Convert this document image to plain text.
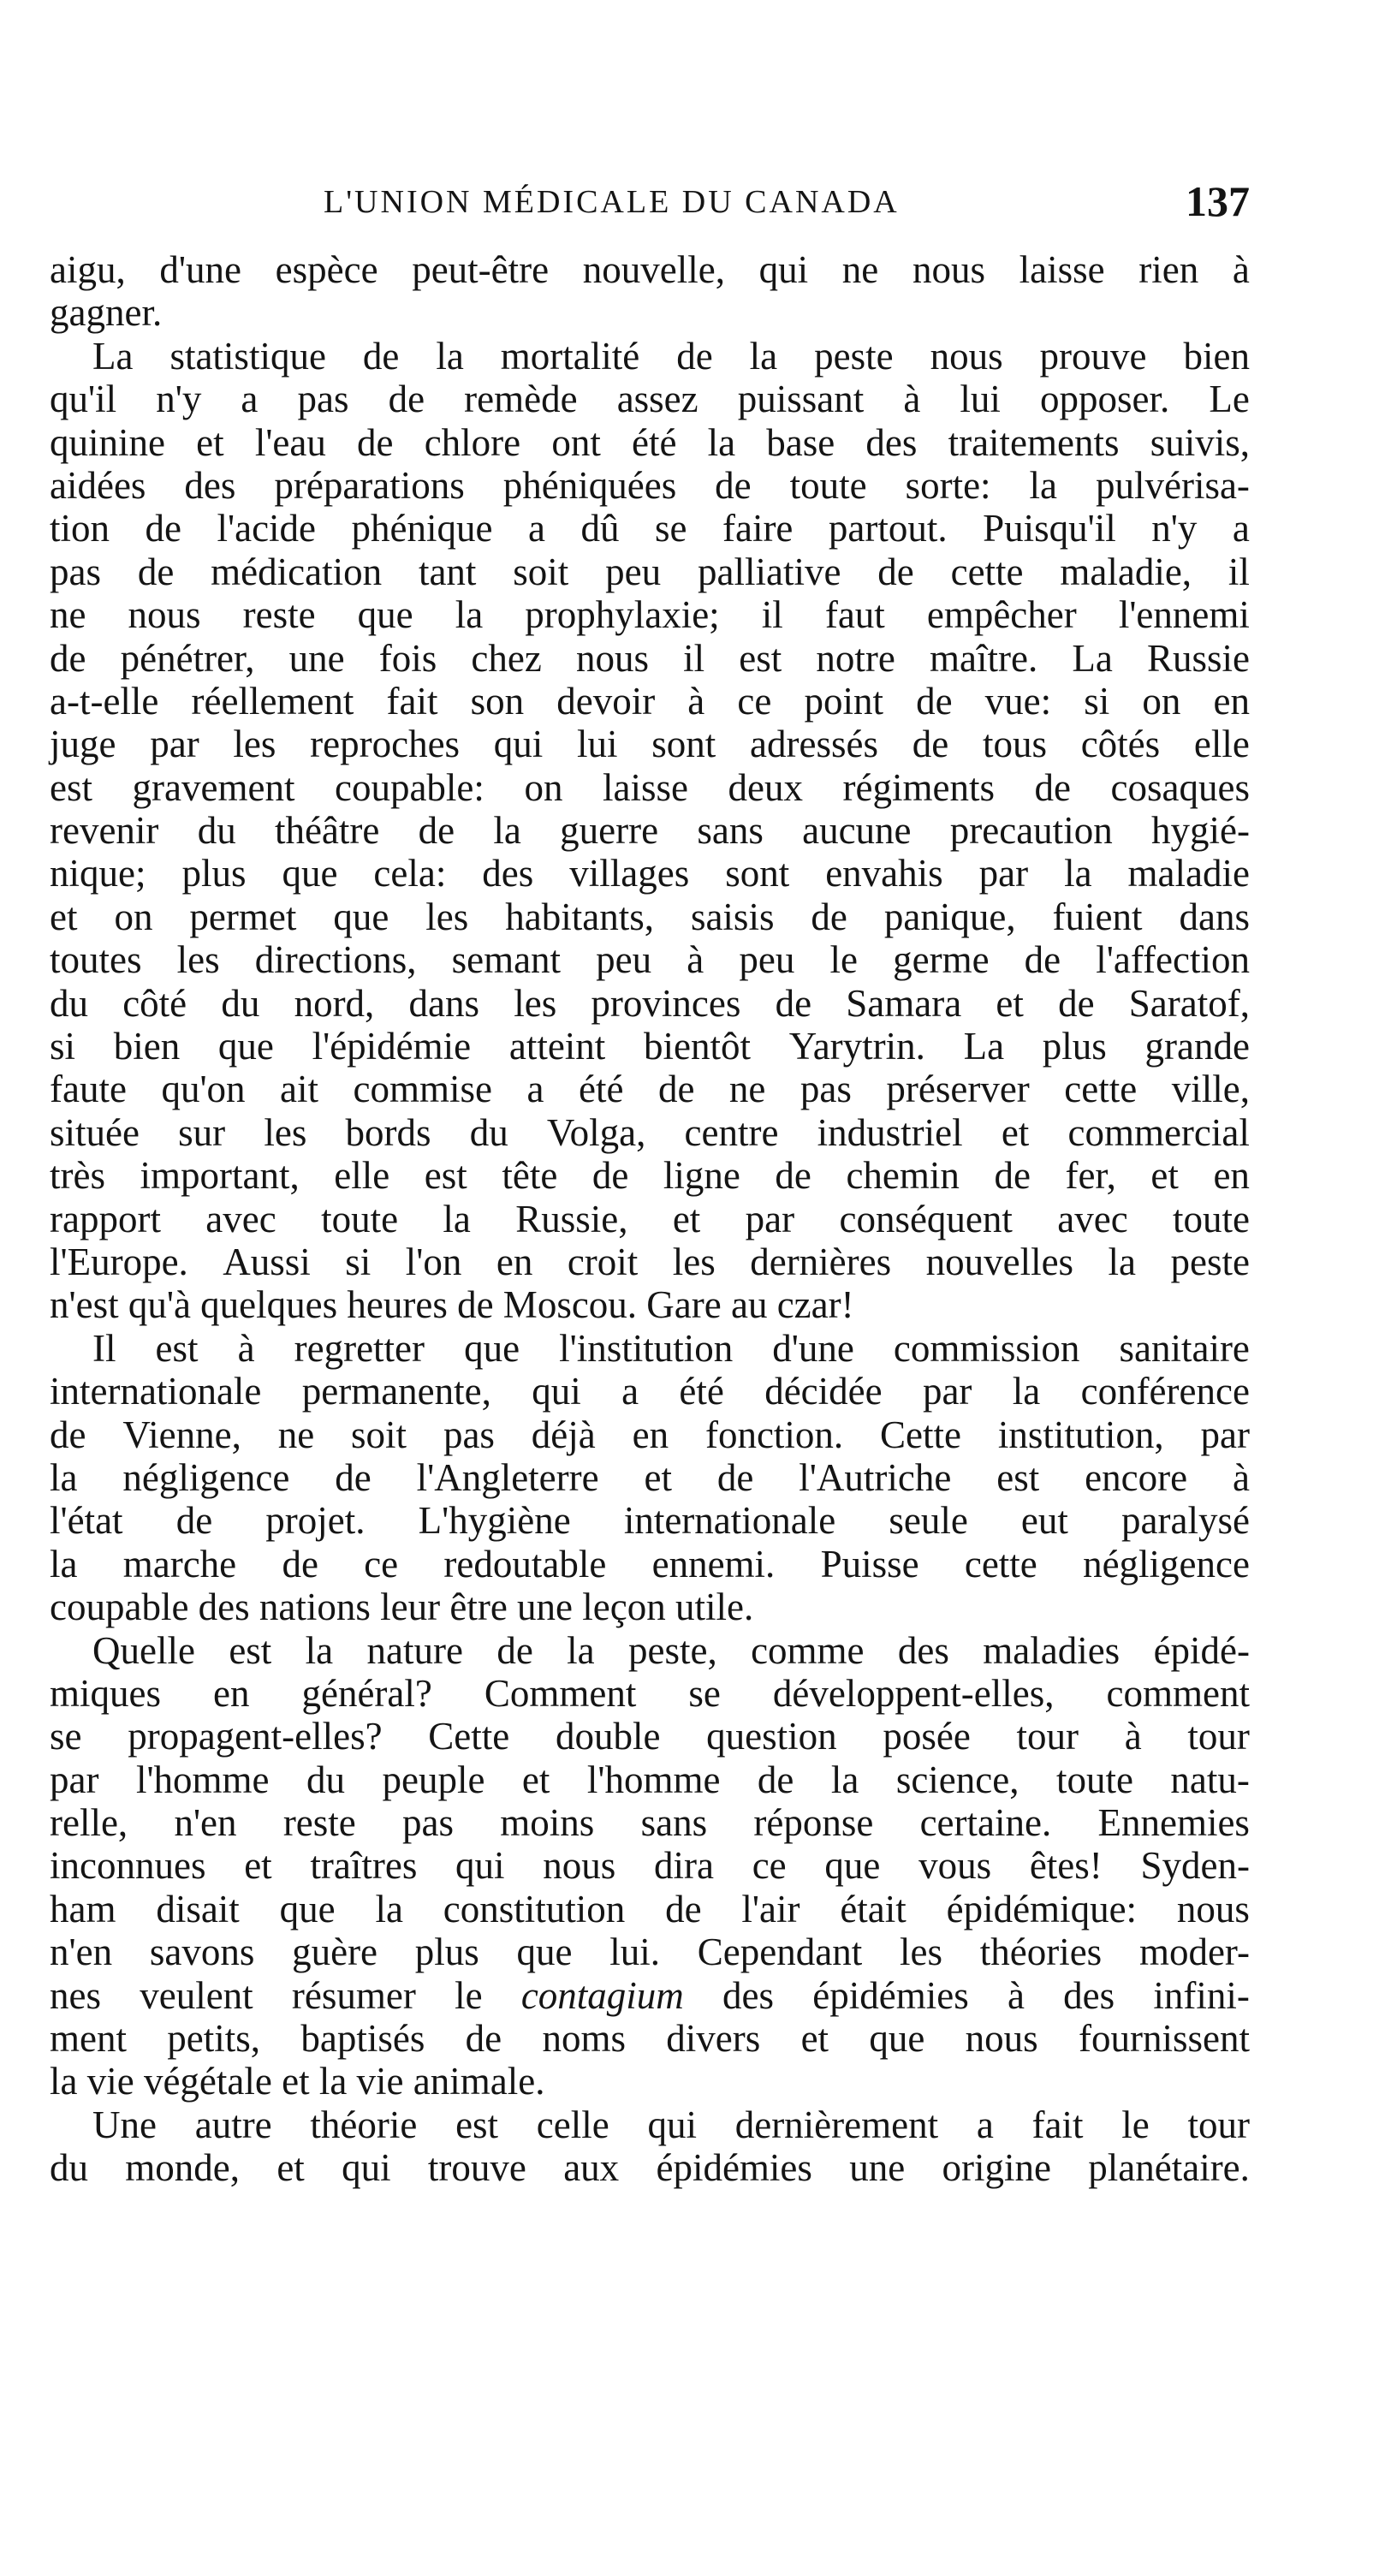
L'UNION MÉDICALE DU CANADA	137
aigu, d'une espèce peut-être nouvelle, qui ne nous laisse rien à
gagner.
La statistique de la mortalité de la peste nous prouve bien
qu'il n'y a pas de remède assez puissant à lui opposer. Le
quinine et l'eau de chlore ont été la base des traitements suivis,
aidées des préparations phéniquées de toute sorte: la pulvérisa-
tion de l'acide phénique a dû se faire partout. Puisqu'il n'y a
pas de médication tant soit peu palliative de cette maladie, il
ne nous reste que la prophylaxie; il faut empêcher l'ennemi
de pénétrer, une fois chez nous il est notre maître. La Russie
a-t-elle réellement fait son devoir à ce point de vue: si on en
juge par les reproches qui lui sont adressés de tous côtés elle
est gravement coupable: on laisse deux régiments de cosaques
revenir du théâtre de la guerre sans aucune precaution hygié-
nique; plus que cela: des villages sont envahis par la maladie
et on permet que les habitants, saisis de panique, fuient dans
toutes les directions, semant peu à peu le germe de l'affection
du côté du nord, dans les provinces de Samara et de Saratof,
si bien que l'épidémie atteint bientôt Yarytrin. La plus grande
faute qu'on ait commise a été de ne pas préserver cette ville,
située sur les bords du Volga, centre industriel et commercial
très important, elle est tête de ligne de chemin de fer, et en
rapport avec toute la Russie, et par conséquent avec toute
l'Europe. Aussi si l'on en croit les dernières nouvelles la peste
n'est qu'à quelques heures de Moscou. Gare au czar!
Il est à regretter que l'institution d'une commission sanitaire
internationale permanente, qui a été décidée par la conférence
de Vienne, ne soit pas déjà en fonction. Cette institution, par
la négligence de l'Angleterre et de l'Autriche est encore à
l'état de projet. L'hygiène internationale seule eut paralysé
la marche de ce redoutable ennemi. Puisse cette négligence
coupable des nations leur être une leçon utile.
Quelle est la nature de la peste, comme des maladies épidé-
miques en général? Comment se développent-elles, comment
se propagent-elles? Cette double question posée tour à tour
par l'homme du peuple et l'homme de la science, toute natu-
relle, n'en reste pas moins sans réponse certaine. Ennemies
inconnues et traîtres qui nous dira ce que vous êtes! Syden-
ham disait que la constitution de l'air était épidémique: nous
n'en savons guère plus que lui. Cependant les théories moder-
nes veulent résumer le contagium des épidémies à des infini-
ment petits, baptisés de noms divers et que nous fournissent
la vie végétale et la vie animale.
Une autre théorie est celle qui dernièrement a fait le tour
du monde, et qui trouve aux épidémies une origine planétaire.
